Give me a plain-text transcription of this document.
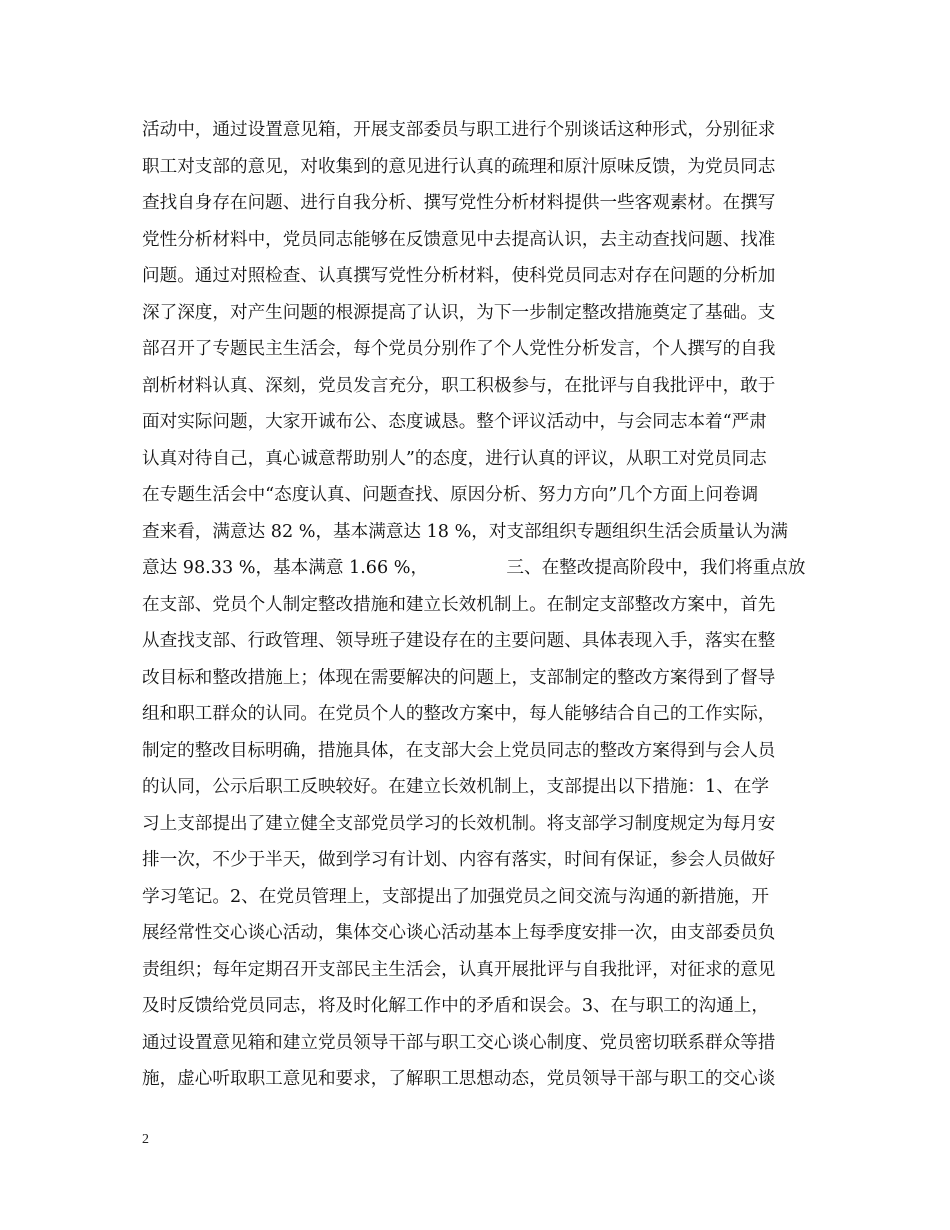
活动中，通过设置意见箱，开展支部委员与职工进行个别谈话这种形式，分别征求
职工对支部的意见，对收集到的意见进行认真的疏理和原汁原味反馈，为党员同志
查找自身存在问题、进行自我分析、撰写党性分析材料提供一些客观素材。在撰写
党性分析材料中，党员同志能够在反馈意见中去提高认识，去主动查找问题、找准
问题。通过对照检查、认真撰写党性分析材料，使科党员同志对存在问题的分析加
深了深度，对产生问题的根源提高了认识，为下一步制定整改措施奠定了基础。支
部召开了专题民主生活会，每个党员分别作了个人党性分析发言，个人撰写的自我
剖析材料认真、深刻，党员发言充分，职工积极参与，在批评与自我批评中，敢于
面对实际问题，大家开诚布公、态度诚恳。整个评议活动中，与会同志本着“严肃
认真对待自己，真心诚意帮助别人”的态度，进行认真的评议，从职工对党员同志
在专题生活会中“态度认真、问题查找、原因分析、努力方向”几个方面上问卷调
查来看，满意达 82 %，基本满意达 18 %，对支部组织专题组织生活会质量认为满
意达 98.33 %，基本满意 1.66 %，              三、在整改提高阶段中，我们将重点放
在支部、党员个人制定整改措施和建立长效机制上。在制定支部整改方案中，首先
从查找支部、行政管理、领导班子建设存在的主要问题、具体表现入手，落实在整
改目标和整改措施上；体现在需要解决的问题上，支部制定的整改方案得到了督导
组和职工群众的认同。在党员个人的整改方案中，每人能够结合自己的工作实际，
制定的整改目标明确，措施具体，在支部大会上党员同志的整改方案得到与会人员
的认同，公示后职工反映较好。在建立长效机制上，支部提出以下措施：1、在学
习上支部提出了建立健全支部党员学习的长效机制。将支部学习制度规定为每月安
排一次，不少于半天，做到学习有计划、内容有落实，时间有保证，参会人员做好
学习笔记。2、在党员管理上，支部提出了加强党员之间交流与沟通的新措施，开
展经常性交心谈心活动，集体交心谈心活动基本上每季度安排一次，由支部委员负
责组织；每年定期召开支部民主生活会，认真开展批评与自我批评，对征求的意见
及时反馈给党员同志，将及时化解工作中的矛盾和误会。3、在与职工的沟通上，
通过设置意见箱和建立党员领导干部与职工交心谈心制度、党员密切联系群众等措
施，虚心听取职工意见和要求，了解职工思想动态，党员领导干部与职工的交心谈
2
